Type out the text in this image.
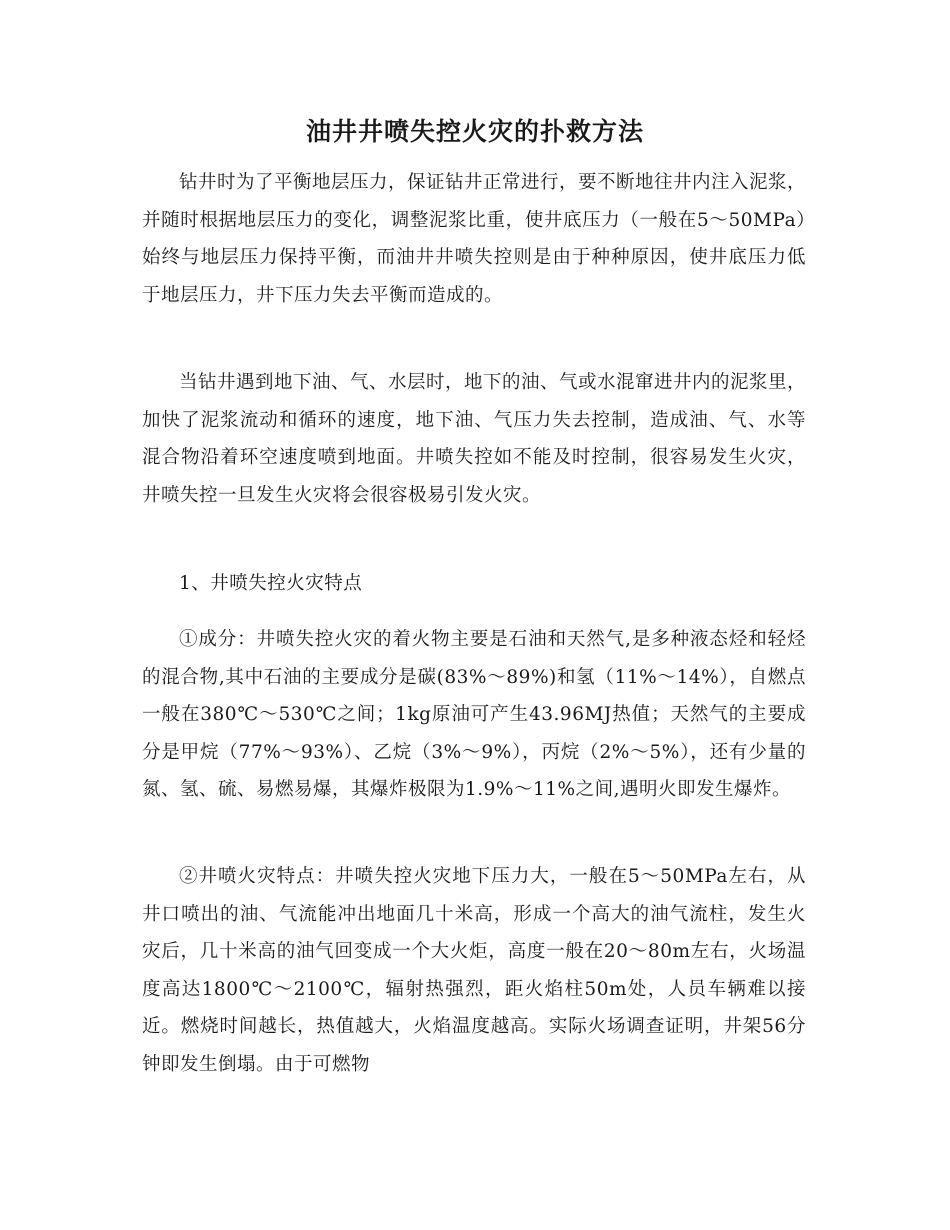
油井井喷失控火灾的扑救方法

钻井时为了平衡地层压力，保证钻井正常进行，要不断地往井内注入泥浆，并随时根据地层压力的变化，调整泥浆比重，使井底压力（一般在5～50MPa）始终与地层压力保持平衡，而油井井喷失控则是由于种种原因，使井底压力低于地层压力，井下压力失去平衡而造成的。

当钻井遇到地下油、气、水层时，地下的油、气或水混窜进井内的泥浆里，加快了泥浆流动和循环的速度，地下油、气压力失去控制，造成油、气、水等混合物沿着环空速度喷到地面。井喷失控如不能及时控制，很容易发生火灾，井喷失控一旦发生火灾将会很容极易引发火灾。

1、井喷失控火灾特点

①成分：井喷失控火灾的着火物主要是石油和天然气,是多种液态烃和轻烃的混合物,其中石油的主要成分是碳(83%～89%)和氢（11%～14%），自燃点一般在380℃～530℃之间；1kg原油可产生43.96MJ热值；天然气的主要成分是甲烷（77%～93%）、乙烷（3%～9%），丙烷（2%～5%），还有少量的氮、氢、硫、易燃易爆，其爆炸极限为1.9%～11%之间,遇明火即发生爆炸。

②井喷火灾特点：井喷失控火灾地下压力大，一般在5～50MPa左右，从井口喷出的油、气流能冲出地面几十米高，形成一个高大的油气流柱，发生火灾后，几十米高的油气回变成一个大火炬，高度一般在20～80m左右，火场温度高达1800℃～2100℃，辐射热强烈，距火焰柱50m处，人员车辆难以接近。燃烧时间越长，热值越大，火焰温度越高。实际火场调查证明，井架56分钟即发生倒塌。由于可燃物
